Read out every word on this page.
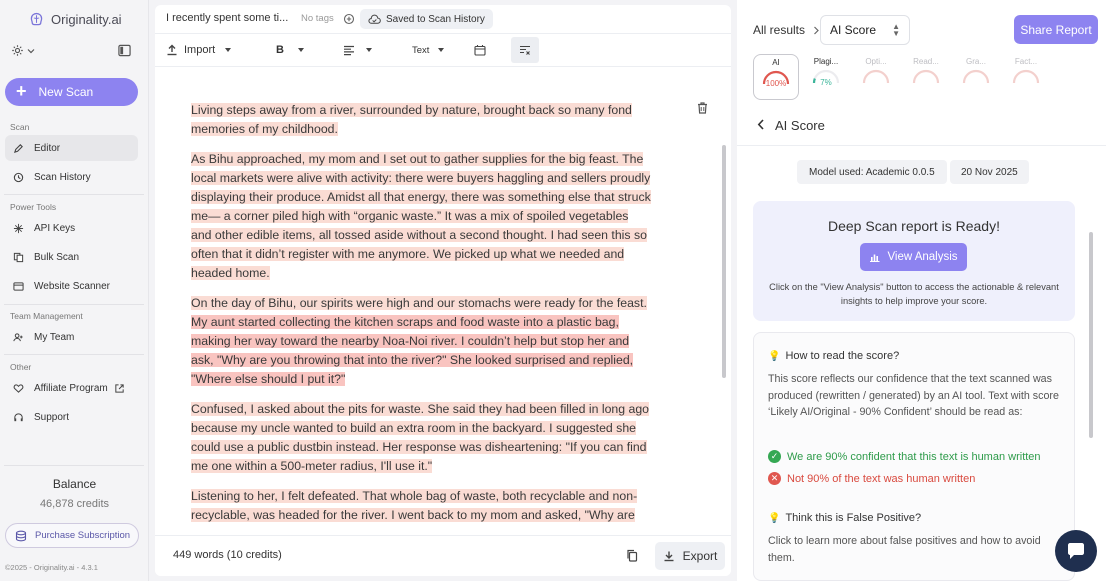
Originality.ai
+ New Scan
Scan
Editor
Scan History
Power Tools
API Keys
Bulk Scan
Website Scanner
Team Management
My Team
Other
Affiliate Program
Support
Balance
46,878 credits
Purchase Subscription
©2025 - Originality.ai - 4.3.1
I recently spent some ti... No tags	Saved to Scan History
Import	B	Text

Living steps away from a river, surrounded by nature, brought back so many fond memories of my childhood.

As Bihu approached, my mom and I set out to gather supplies for the big feast. The local markets were alive with activity: there were buyers haggling and sellers proudly displaying their produce. Amidst all that energy, there was something else that struck me— a corner piled high with “organic waste.” It was a mix of spoiled vegetables and other edible items, all tossed aside without a second thought. I had seen this so often that it didn’t register with me anymore. We picked up what we needed and headed home.

On the day of Bihu, our spirits were high and our stomachs were ready for the feast. My aunt started collecting the kitchen scraps and food waste into a plastic bag, making her way toward the nearby Noa-Noi river. I couldn’t help but stop her and ask, "Why are you throwing that into the river?" She looked surprised and replied, "Where else should I put it?"

Confused, I asked about the pits for waste. She said they had been filled in long ago because my uncle wanted to build an extra room in the backyard. I suggested she could use a public dustbin instead. Her response was disheartening: "If you can find me one within a 500-meter radius, I'll use it."

Listening to her, I felt defeated. That whole bag of waste, both recyclable and non-recyclable, was headed for the river. I went back to my mom and asked, "Why are

449 words (10 credits)	Export
All results AI Score ▲
▼	Share Report
AI
100%
Plagi...
7%
Opti...	Read...	Gra...	Fact...
AI Score
Model used: Academic 0.0.5	20 Nov 2025
Deep Scan report is Ready!
View Analysis
Click on the "View Analysis" button to access the actionable & relevant insights to help improve your score.
💡 How to read the score?
This score reflects our confidence that the text scanned was produced (rewritten / generated) by an AI tool. Text with score ‘Likely AI/Original - 90% Confident’ should be read as:
✓ We are 90% confident that this text is human written
✕ Not 90% of the text was human written
💡 Think this is False Positive?
Click to learn more about false positives and how to avoid them.
